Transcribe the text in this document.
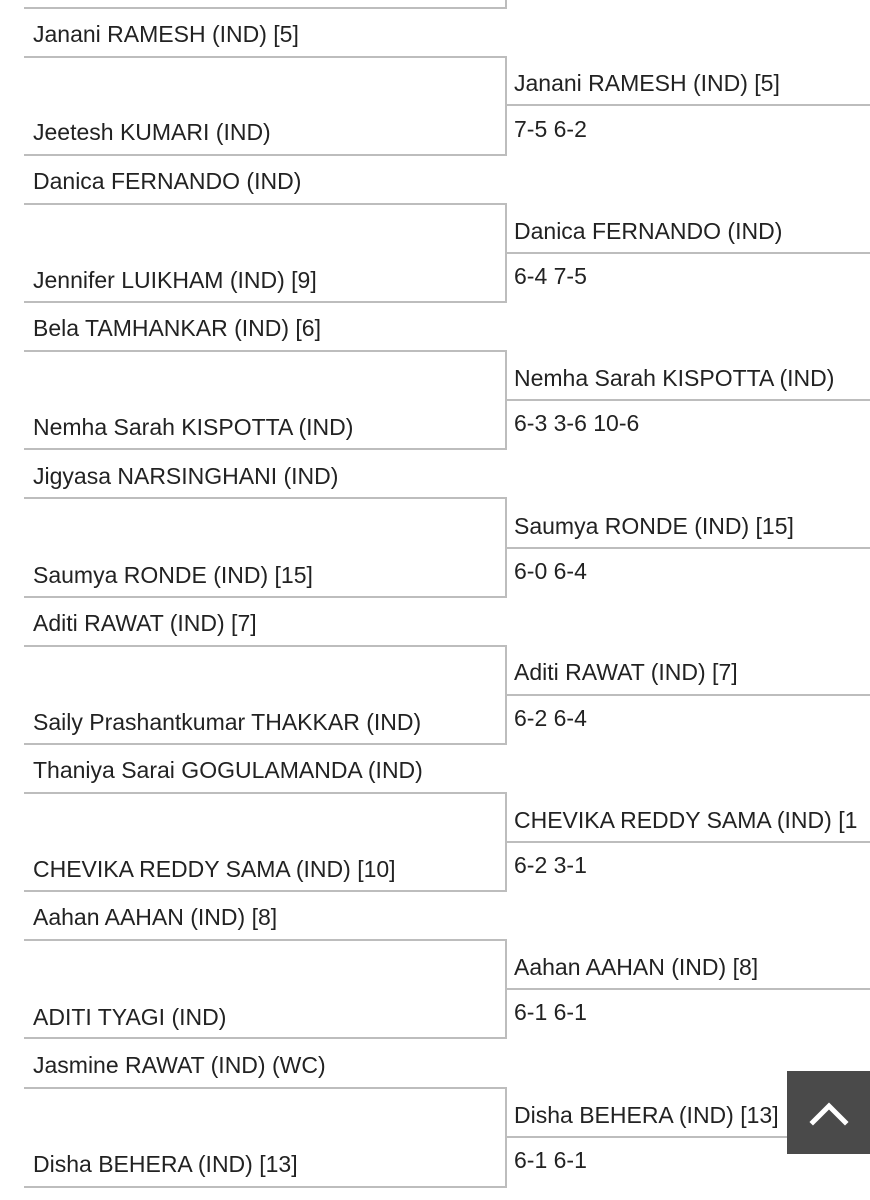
Janani RAMESH (IND) [5]
Jeetesh KUMARI (IND)
Janani RAMESH (IND) [5]
7-5 6-2
Danica FERNANDO (IND)
Jennifer LUIKHAM (IND) [9]
Danica FERNANDO (IND)
6-4 7-5
Bela TAMHANKAR (IND) [6]
Nemha Sarah KISPOTTA (IND)
Nemha Sarah KISPOTTA (IND)
6-3 3-6 10-6
Jigyasa NARSINGHANI (IND)
Saumya RONDE (IND) [15]
Saumya RONDE (IND) [15]
6-0 6-4
Aditi RAWAT (IND) [7]
Saily Prashantkumar THAKKAR (IND)
Aditi RAWAT (IND) [7]
6-2 6-4
Thaniya Sarai GOGULAMANDA (IND)
CHEVIKA REDDY SAMA (IND) [10]
CHEVIKA REDDY SAMA (IND) [1
6-2 3-1
Aahan AAHAN (IND) [8]
ADITI TYAGI (IND)
Aahan AAHAN (IND) [8]
6-1 6-1
Jasmine RAWAT (IND) (WC)
Disha BEHERA (IND) [13]
Disha BEHERA (IND) [13]
6-1 6-1
